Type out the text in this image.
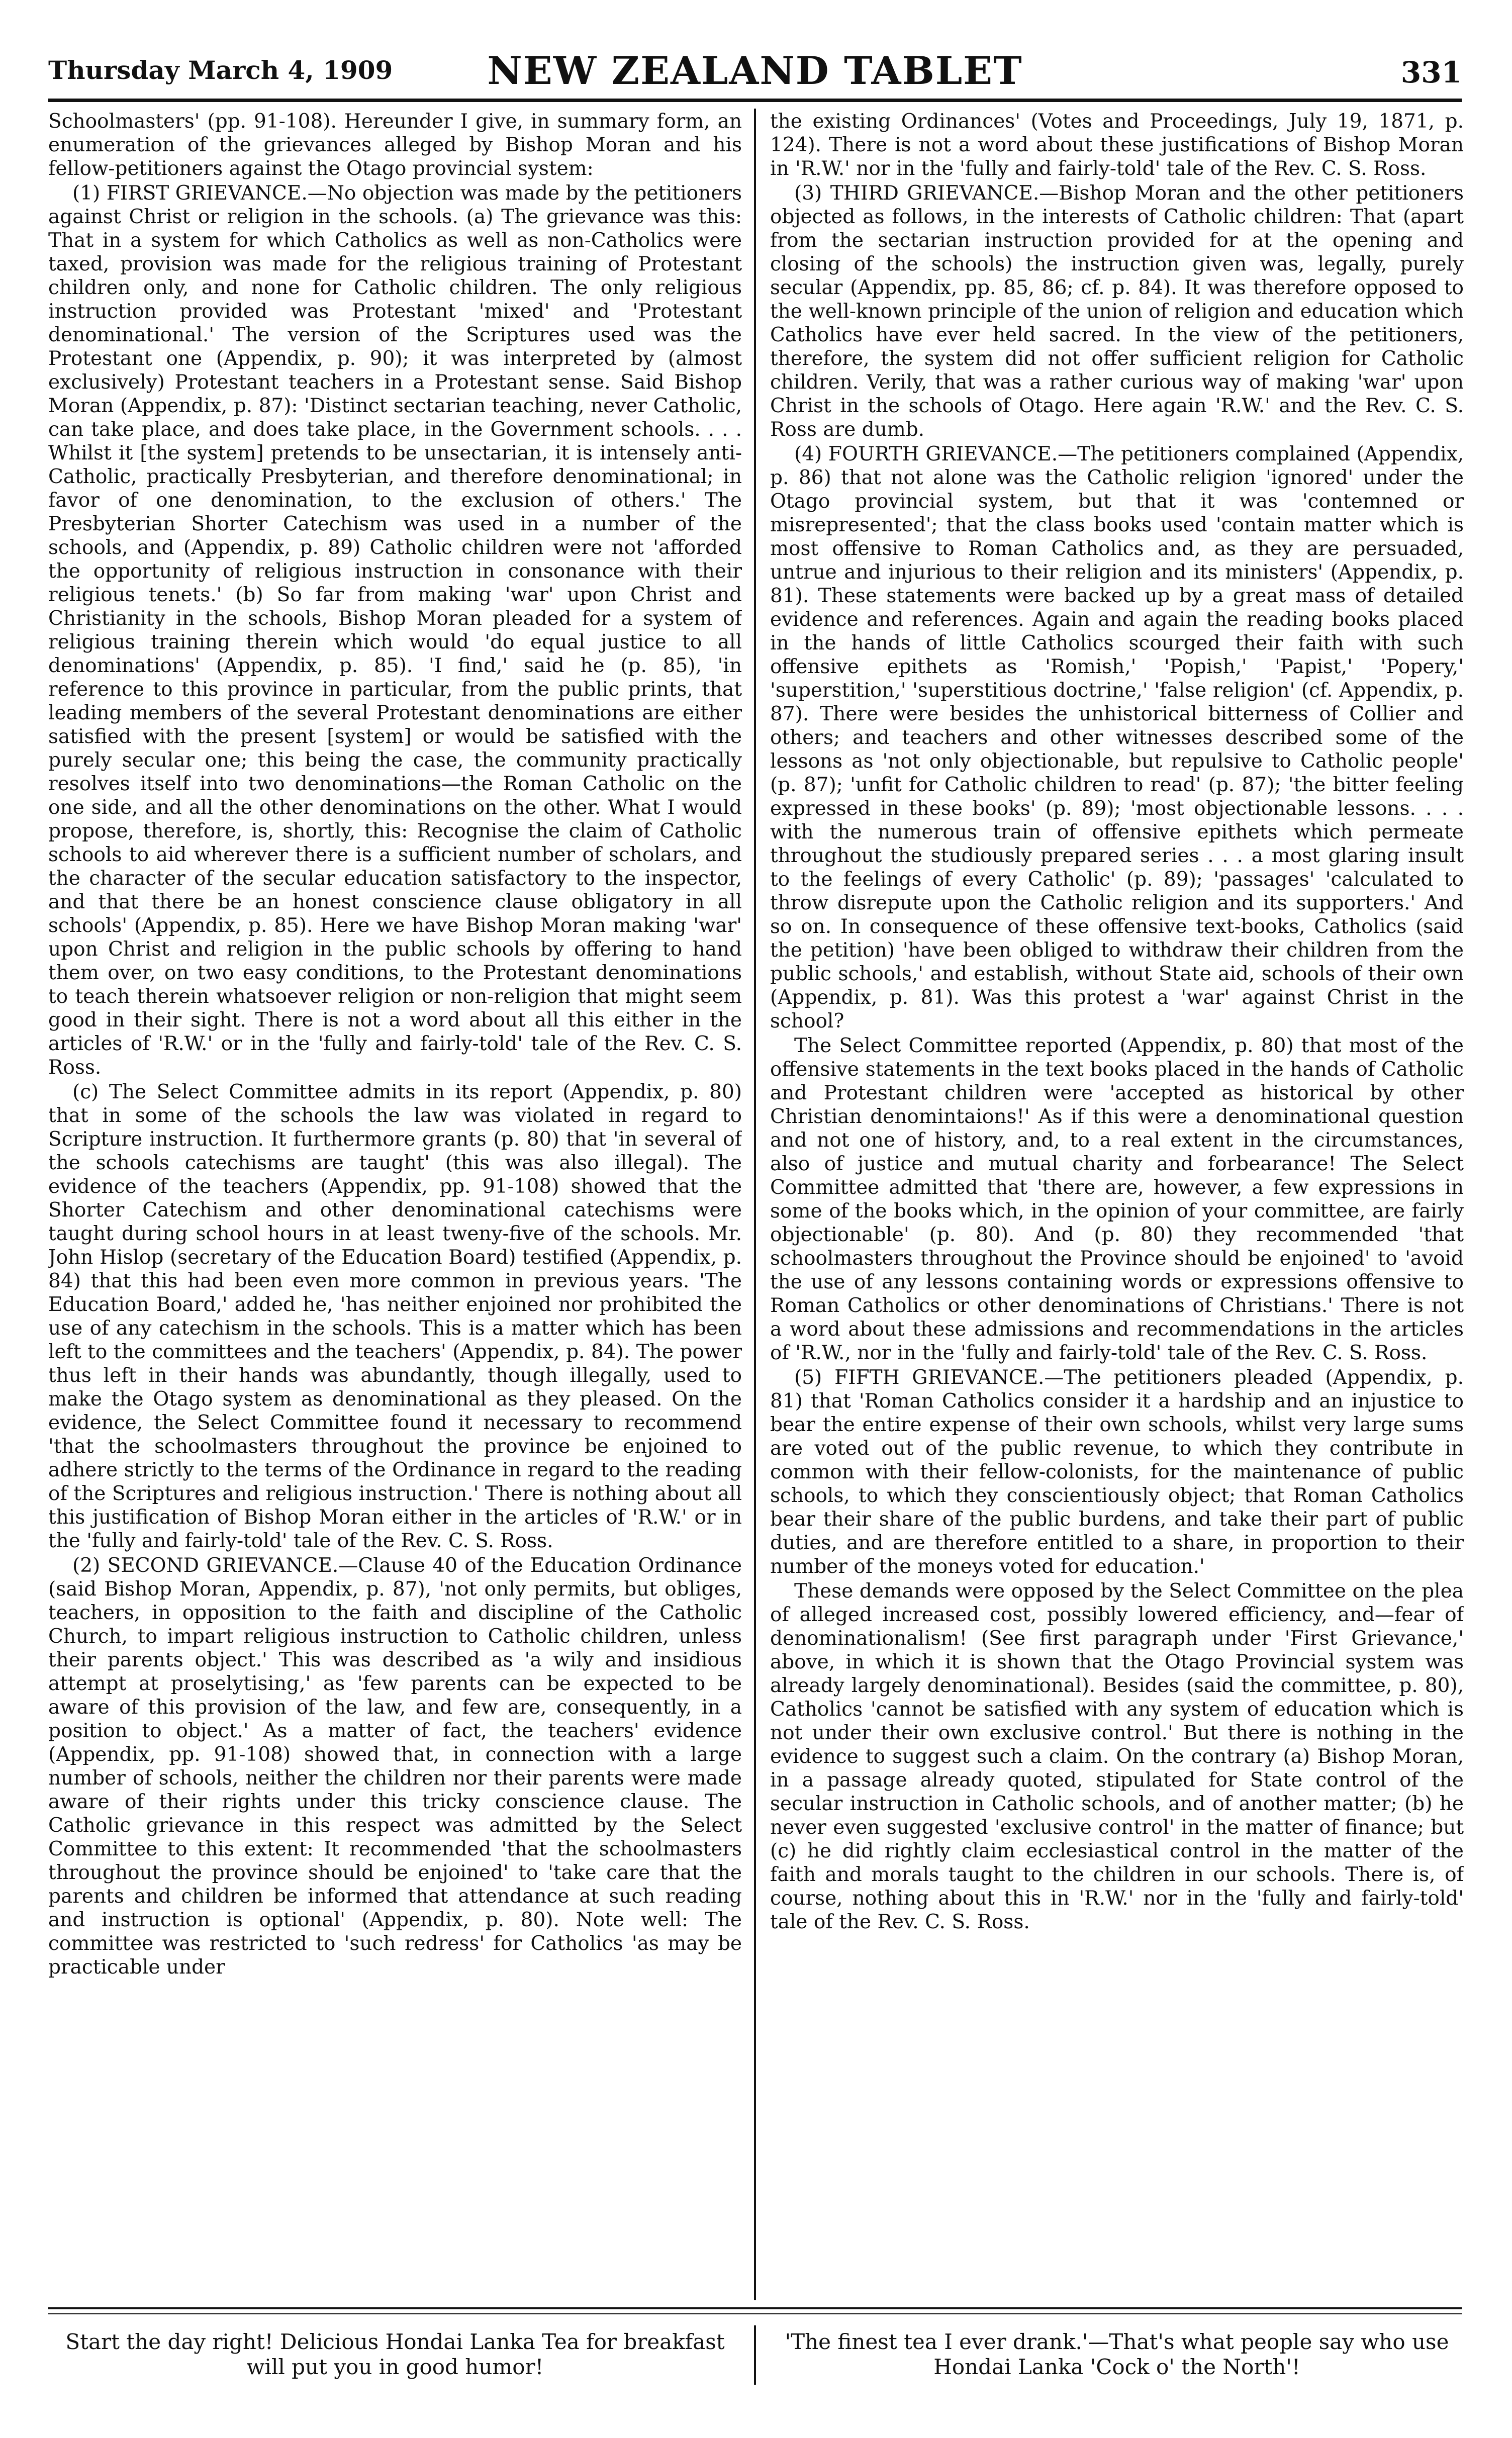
Thursday March 4, 1909	NEW ZEALAND TABLET	331

Schoolmasters' (pp. 91-108). Hereunder I give, in summary form, an enumeration of the grievances alleged by Bishop Moran and his fellow-petitioners against the Otago provincial system:

(1) FIRST GRIEVANCE.—No objection was made by the petitioners against Christ or religion in the schools. (a) The grievance was this: That in a system for which Catholics as well as non-Catholics were taxed, provision was made for the religious training of Protestant children only, and none for Catholic children. The only religious instruction provided was Protestant 'mixed' and 'Protestant denominational.' The version of the Scriptures used was the Protestant one (Appendix, p. 90); it was interpreted by (almost exclusively) Protestant teachers in a Protestant sense. Said Bishop Moran (Appendix, p. 87): 'Distinct sectarian teaching, never Catholic, can take place, and does take place, in the Government schools. . . . Whilst it [the system] pretends to be unsectarian, it is intensely anti-Catholic, practically Presbyterian, and therefore denominational; in favor of one denomination, to the exclusion of others.' The Presbyterian Shorter Catechism was used in a number of the schools, and (Appendix, p. 89) Catholic children were not 'afforded the opportunity of religious instruction in consonance with their religious tenets.' (b) So far from making 'war' upon Christ and Christianity in the schools, Bishop Moran pleaded for a system of religious training therein which would 'do equal justice to all denominations' (Appendix, p. 85). 'I find,' said he (p. 85), 'in reference to this province in particular, from the public prints, that leading members of the several Protestant denominations are either satisfied with the present [system] or would be satisfied with the purely secular one; this being the case, the community practically resolves itself into two denominations—the Roman Catholic on the one side, and all the other denominations on the other. What I would propose, therefore, is, shortly, this: Recognise the claim of Catholic schools to aid wherever there is a sufficient number of scholars, and the character of the secular education satisfactory to the inspector, and that there be an honest conscience clause obligatory in all schools' (Appendix, p. 85). Here we have Bishop Moran making 'war' upon Christ and religion in the public schools by offering to hand them over, on two easy conditions, to the Protestant denominations to teach therein whatsoever religion or non-religion that might seem good in their sight. There is not a word about all this either in the articles of 'R.W.' or in the 'fully and fairly-told' tale of the Rev. C. S. Ross.

(c) The Select Committee admits in its report (Appendix, p. 80) that in some of the schools the law was violated in regard to Scripture instruction. It furthermore grants (p. 80) that 'in several of the schools catechisms are taught' (this was also illegal). The evidence of the teachers (Appendix, pp. 91-108) showed that the Shorter Catechism and other denominational catechisms were taught during school hours in at least tweny-five of the schools. Mr. John Hislop (secretary of the Education Board) testified (Appendix, p. 84) that this had been even more common in previous years. 'The Education Board,' added he, 'has neither enjoined nor prohibited the use of any catechism in the schools. This is a matter which has been left to the committees and the teachers' (Appendix, p. 84). The power thus left in their hands was abundantly, though illegally, used to make the Otago system as denominational as they pleased. On the evidence, the Select Committee found it necessary to recommend 'that the schoolmasters throughout the province be enjoined to adhere strictly to the terms of the Ordinance in regard to the reading of the Scriptures and religious instruction.' There is nothing about all this justification of Bishop Moran either in the articles of 'R.W.' or in the 'fully and fairly-told' tale of the Rev. C. S. Ross.

(2) SECOND GRIEVANCE.—Clause 40 of the Education Ordinance (said Bishop Moran, Appendix, p. 87), 'not only permits, but obliges, teachers, in opposition to the faith and discipline of the Catholic Church, to impart religious instruction to Catholic children, unless their parents object.' This was described as 'a wily and insidious attempt at proselytising,' as 'few parents can be expected to be aware of this provision of the law, and few are, consequently, in a position to object.' As a matter of fact, the teachers' evidence (Appendix, pp. 91-108) showed that, in connection with a large number of schools, neither the children nor their parents were made aware of their rights under this tricky conscience clause. The Catholic grievance in this respect was admitted by the Select Committee to this extent: It recommended 'that the schoolmasters throughout the province should be enjoined' to 'take care that the parents and children be informed that attendance at such reading and instruction is optional' (Appendix, p. 80). Note well: The committee was restricted to 'such redress' for Catholics 'as may be practicable under

the existing Ordinances' (Votes and Proceedings, July 19, 1871, p. 124). There is not a word about these justifications of Bishop Moran in 'R.W.' nor in the 'fully and fairly-told' tale of the Rev. C. S. Ross.

(3) THIRD GRIEVANCE.—Bishop Moran and the other petitioners objected as follows, in the interests of Catholic children: That (apart from the sectarian instruction provided for at the opening and closing of the schools) the instruction given was, legally, purely secular (Appendix, pp. 85, 86; cf. p. 84). It was therefore opposed to the well-known principle of the union of religion and education which Catholics have ever held sacred. In the view of the petitioners, therefore, the system did not offer sufficient religion for Catholic children. Verily, that was a rather curious way of making 'war' upon Christ in the schools of Otago. Here again 'R.W.' and the Rev. C. S. Ross are dumb.

(4) FOURTH GRIEVANCE.—The petitioners complained (Appendix, p. 86) that not alone was the Catholic religion 'ignored' under the Otago provincial system, but that it was 'contemned or misrepresented'; that the class books used 'contain matter which is most offensive to Roman Catholics and, as they are persuaded, untrue and injurious to their religion and its ministers' (Appendix, p. 81). These statements were backed up by a great mass of detailed evidence and references. Again and again the reading books placed in the hands of little Catholics scourged their faith with such offensive epithets as 'Romish,' 'Popish,' 'Papist,' 'Popery,' 'superstition,' 'superstitious doctrine,' 'false religion' (cf. Appendix, p. 87). There were besides the unhistorical bitterness of Collier and others; and teachers and other witnesses described some of the lessons as 'not only objectionable, but repulsive to Catholic people' (p. 87); 'unfit for Catholic children to read' (p. 87); 'the bitter feeling expressed in these books' (p. 89); 'most objectionable lessons. . . . with the numerous train of offensive epithets which permeate throughout the studiously prepared series . . . a most glaring insult to the feelings of every Catholic' (p. 89); 'passages' 'calculated to throw disrepute upon the Catholic religion and its supporters.' And so on. In consequence of these offensive text-books, Catholics (said the petition) 'have been obliged to withdraw their children from the public schools,' and establish, without State aid, schools of their own (Appendix, p. 81). Was this protest a 'war' against Christ in the school?

The Select Committee reported (Appendix, p. 80) that most of the offensive statements in the text books placed in the hands of Catholic and Protestant children were 'accepted as historical by other Christian denomintaions!' As if this were a denominational question and not one of history, and, to a real extent in the circumstances, also of justice and mutual charity and forbearance! The Select Committee admitted that 'there are, however, a few expressions in some of the books which, in the opinion of your committee, are fairly objectionable' (p. 80). And (p. 80) they recommended 'that schoolmasters throughout the Province should be enjoined' to 'avoid the use of any lessons containing words or expressions offensive to Roman Catholics or other denominations of Christians.' There is not a word about these admissions and recommendations in the articles of 'R.W., nor in the 'fully and fairly-told' tale of the Rev. C. S. Ross.

(5) FIFTH GRIEVANCE.—The petitioners pleaded (Appendix, p. 81) that 'Roman Catholics consider it a hardship and an injustice to bear the entire expense of their own schools, whilst very large sums are voted out of the public revenue, to which they contribute in common with their fellow-colonists, for the maintenance of public schools, to which they conscientiously object; that Roman Catholics bear their share of the public burdens, and take their part of public duties, and are therefore entitled to a share, in proportion to their number of the moneys voted for education.'

These demands were opposed by the Select Committee on the plea of alleged increased cost, possibly lowered efficiency, and—fear of denominationalism! (See first paragraph under 'First Grievance,' above, in which it is shown that the Otago Provincial system was already largely denominational). Besides (said the committee, p. 80), Catholics 'cannot be satisfied with any system of education which is not under their own exclusive control.' But there is nothing in the evidence to suggest such a claim. On the contrary (a) Bishop Moran, in a passage already quoted, stipulated for State control of the secular instruction in Catholic schools, and of another matter; (b) he never even suggested 'exclusive control' in the matter of finance; but (c) he did rightly claim ecclesiastical control in the matter of the faith and morals taught to the children in our schools. There is, of course, nothing about this in 'R.W.' nor in the 'fully and fairly-told' tale of the Rev. C. S. Ross.

Start the day right! Delicious Hondai Lanka Tea for breakfast will put you in good humor!
'The finest tea I ever drank.'—That's what people say who use Hondai Lanka 'Cock o' the North'!
